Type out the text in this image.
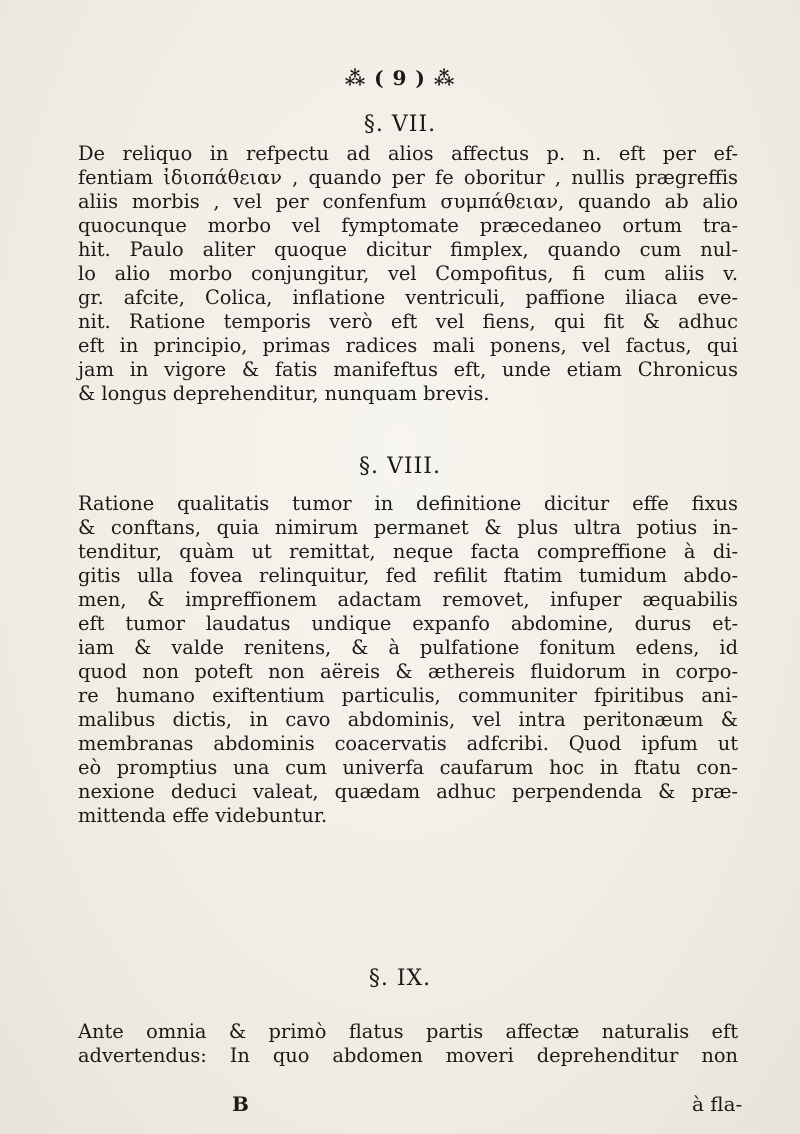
⁂ ( 9 ) ⁂
§. VII.
De reliquo in refpectu ad alios affectus p. n. eft per ef-
fentiam ἰδιοπάθειαν , quando per fe oboritur , nullis prægreffis
aliis morbis , vel per confenfum συμπάθειαν, quando ab alio
quocunque morbo vel fymptomate præcedaneo ortum tra-
hit. Paulo aliter quoque dicitur fimplex, quando cum nul-
lo alio morbo conjungitur, vel Compofitus, fi cum aliis v.
gr. afcite, Colica, inflatione ventriculi, paffione iliaca eve-
nit. Ratione temporis verò eft vel fiens, qui fit & adhuc
eft in principio, primas radices mali ponens, vel factus, qui
jam in vigore & fatis manifeftus eft, unde etiam Chronicus
& longus deprehenditur, nunquam brevis.
§. VIII.
Ratione qualitatis tumor in definitione dicitur effe fixus
& conftans, quia nimirum permanet & plus ultra potius in-
tenditur, quàm ut remittat, neque facta compreffione à di-
gitis ulla fovea relinquitur, fed refilit ftatim tumidum abdo-
men, & impreffionem adactam removet, infuper æquabilis
eft tumor laudatus undique expanfo abdomine, durus et-
iam & valde renitens, & à pulfatione fonitum edens, id
quod non poteft non aëreis & æthereis fluidorum in corpo-
re humano exiftentium particulis, communiter fpiritibus ani-
malibus dictis, in cavo abdominis, vel intra peritonæum &
membranas abdominis coacervatis adfcribi. Quod ipfum ut
eò promptius una cum univerfa caufarum hoc in ftatu con-
nexione deduci valeat, quædam adhuc perpendenda & præ-
mittenda effe videbuntur.
§. IX.
Ante omnia & primò flatus partis affectæ naturalis eft
advertendus: In quo abdomen moveri deprehenditur non
B	à fla-
